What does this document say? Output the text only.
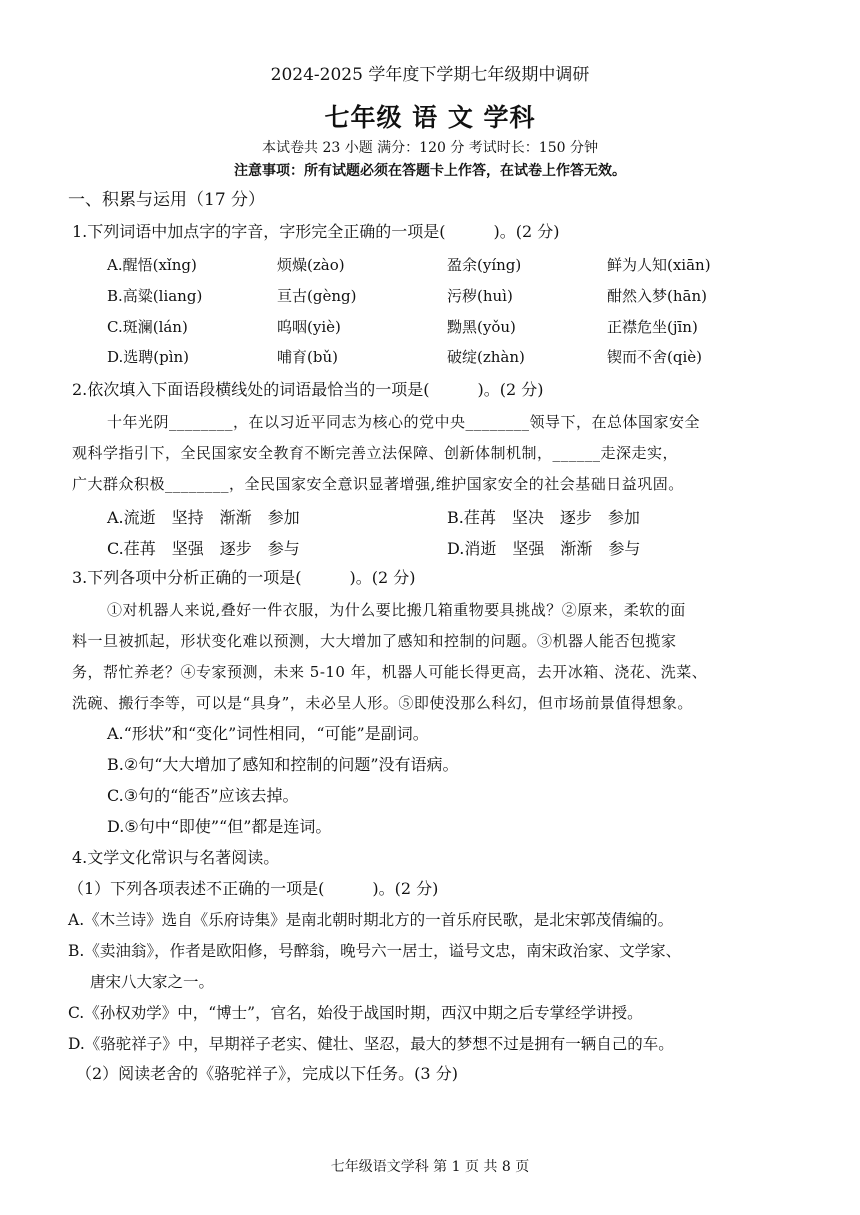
2024-2025 学年度下学期七年级期中调研
七年级 语 文 学科
本试卷共 23 小题 满分：120 分 考试时长：150 分钟
注意事项：所有试题必须在答题卡上作答，在试卷上作答无效。
一、积累与运用（17 分）
1.下列词语中加点字的字音，字形完全正确的一项是(　　　)。(2 分)
A.醒悟(xǐng)	烦燥(zào)	盈余(yíng)	鲜为人知(xiān)
B.高粱(liang)	亘古(gèng)	污秽(huì)	酣然入梦(hān)
C.斑澜(lán)	呜咽(yiè)	黝黑(yǒu)	正襟危坐(jīn)
D.选聘(pìn)	哺育(bǔ)	破绽(zhàn)	锲而不舍(qiè)
2.依次填入下面语段横线处的词语最恰当的一项是(　　　)。(2 分)
十年光阴________，在以习近平同志为核心的党中央________领导下，在总体国家安全
观科学指引下，全民国家安全教育不断完善立法保障、创新体制机制，______走深走实，
广大群众积极________，全民国家安全意识显著增强,维护国家安全的社会基础日益巩固。
A.流逝　坚持　渐渐　参加	B.荏苒　坚决　逐步　参加
C.荏苒　坚强　逐步　参与	D.消逝　坚强　渐渐　参与
3.下列各项中分析正确的一项是(　　　)。(2 分)
①对机器人来说,叠好一件衣服，为什么要比搬几箱重物要具挑战？②原来，柔软的面
料一旦被抓起，形状变化难以预测，大大增加了感知和控制的问题。③机器人能否包揽家
务，帮忙养老？④专家预测，未来 5-10 年，机器人可能长得更高，去开冰箱、浇花、洗菜、
洗碗、搬行李等，可以是“具身”，未必呈人形。⑤即使没那么科幻，但市场前景值得想象。
A.“形状”和“变化”词性相同，“可能”是副词。
B.②句“大大增加了感知和控制的问题”没有语病。
C.③句的“能否”应该去掉。
D.⑤句中“即使”“但”都是连词。
4.文学文化常识与名著阅读。
（1）下列各项表述不正确的一项是(　　　)。(2 分)
A.《木兰诗》选自《乐府诗集》是南北朝时期北方的一首乐府民歌，是北宋郭茂倩编的。
B.《卖油翁》，作者是欧阳修，号醉翁，晚号六一居士，谥号文忠，南宋政治家、文学家、
唐宋八大家之一。
C.《孙权劝学》中，“博士”，官名，始役于战国时期，西汉中期之后专掌经学讲授。
D.《骆驼祥子》中，早期祥子老实、健壮、坚忍，最大的梦想不过是拥有一辆自己的车。
（2）阅读老舍的《骆驼祥子》，完成以下任务。(3 分)
七年级语文学科 第 1 页 共 8 页
